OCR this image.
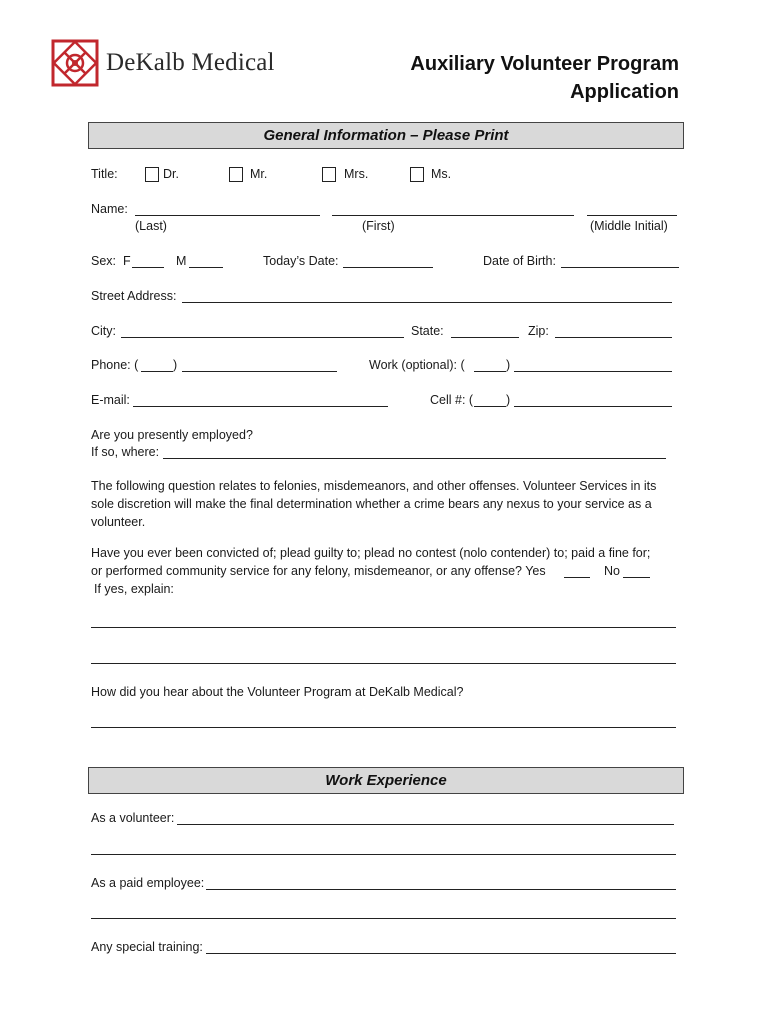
DeKalb Medical	Auxiliary Volunteer Program
Application
General Information – Please Print
Title:	Dr.	Mr.	Mrs.	Ms.
Name:
(Last)	(First)	(Middle Initial)
Sex: F	M	Today’s Date:	Date of Birth:
Street Address:
City:	State:	Zip:
Phone: (	)	Work (optional): (	)
E-mail:	Cell #: (	)
Are you presently employed?
If so, where:
The following question relates to felonies, misdemeanors, and other offenses. Volunteer Services in its sole discretion will make the final determination whether a crime bears any nexus to your service as a volunteer.
Have you ever been convicted of; plead guilty to; plead no contest (nolo contender) to; paid a fine for;
or performed community service for any felony, misdemeanor, or any offense? Yes	No
If yes, explain:
How did you hear about the Volunteer Program at DeKalb Medical?
Work Experience
As a volunteer:
As a paid employee:
Any special training:
